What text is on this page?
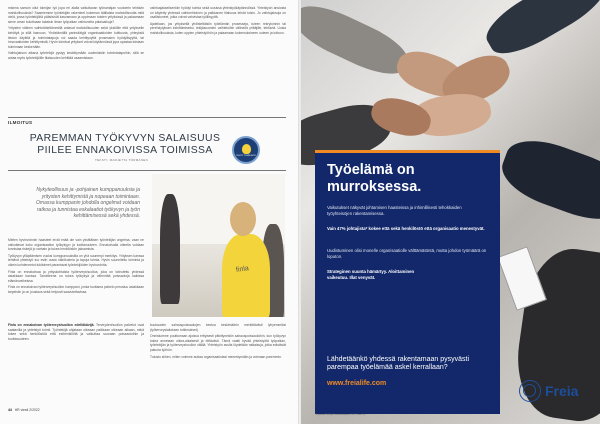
misena samoin ollut toimijan työ jopa eri alalla vaikuttavan työnantajan vuotoerin tehtävin mahdollisuuksia? Saamiemme työntekijän rakenteet kokeman täällaista mahdollisuutta mitä vielä, jossa työntekijöitä pääsisivät kasvamaan ja oppimaan toisten yrityksissä ja palaamaan sinne oman kuluttuaan takaisin ilman työpaikan vaihtuneita palaiuaikoja?

Yritysten välinen vaihtoläheltämmillä antavat mahdollisuuden sekä yksilölle että yritykselle kehittyä ja sillä kasvuun. Yhdistämällä parinräätyjä organisaatioiden kulttuuria, yhteyksiä tiedon käyttöä ja toimintatapoja voi saada kehittynyttä prosessien hyödyllisyyttä, tai innovaatioiden kehittymistä. Hyvin toimivat yritykset voivat käytännössä jopa opastaa toisiaan toimimaan keskenään.

Vaihtojakson aikana työntekijä pystyy keskittymään uudenlaisiin toimintatapoihin, sillä se antaa myös työntekijöille tilaisuuden kehittää osaamistaan.

vaihtoajakselisenkiin hyödyt toimia sekä uusissa yhteistyökäytännöissä. Yhteistyön ansiosta on käytetty yhdessä vaihtoehtoinen ja palkkanen tilaisuus tehdä toisin. Jo vaihtojaksoja on osallistuneet, jotka voivat vahvistaa työllisyyttä.

Ajatellaan, jos yrityksellä yhdistettäisiin työelämän prosesseja, tuleen rekrytoinnin tai perehdytyksen kehittämiseksi, tekijäsuomien vaihteluihin välineitä yrittäjille, tehtäviä. Uusia mahdollisuuksia, kuten oppien yhteistyöhön ja palaamaan kokemuksineen uuteen ja tuttuun.

ILMOITUS
PAREMMAN TYÖKYVYN SALAISUUS PIILEE ENNAKOIVISSA TOIMISSA
TEKSTI: MARJETTA TÖRMÄNEN
TEHTY TUNNUSTE
Nykyteollisuus ja -pohjainen kumppanuuksia ja yritysten kehittymistä ja nopeaan toimintaan. Omassa kumppanin johdolla ongelmat voidaan ratkoa ja tunnistaa eskalaatiot työkyvyn ja työn kehittämisessä sekä yhdessä.
finla

Mielen hyvinvoinnin haasteet eivät enää ole vain yksittäisen työntekijän ongelma, vaan ne vaikuttavat koko organisaation työkykyyn ja tuottavuuteen. Ennakoivalla otteella voidaan tunnistaa riskejä jo varhain ja tukea henkilöstön jaksamista.

Työkyvyn ylläpitämisen vuoksi kumppanuuksilla on yhä suurempi merkitys. Yrityksen kanssa tehtävä yhteistyö tuo esiin uusia näkökulmia ja tapoja toimia. Hyvin suunniteltu toiminta ja oikein kohdennetut tukitoimet parantavat työntekijöiden hyvinvointia.

Finla on ennakoivaa ja yrityskohtaista työterveyshuoltoa, joka on toteutettu yhdessä asiakkaan kanssa. Tavoitteena on tukea työkykyä ja vähentää poissaoloja kaikissa elämänvaiheissa.

Finla on ennakoivan työterveyshuollon kumppani, jonka tuottama palvelu perustuu asiakkaan tarpeisiin ja on joustava sekä helposti saavutettavissa.

Finla on ennakoivan työterveyshuollon edelläkävijä. Terveydenhuollon palvelut ovat saatavilla ja yhteistyö toimii. Työntekijä ohjataan oikeaan paikkaan oikeaan aikaan, mikä tukee sekä henkilöstöä että esihenkilöitä ja vaikuttaa suoraan poissaoloihin ja tuottavuuteen.

kuukauden sairauspoissaolojen kestoa keskimäärin merkittävästi lyhyemmiksi (työterveyslaitoksen tutkimukset).

Onnistumme puuttumaan ajoissa erityisesti pitkittyneisiin sairauspoissaoloihin, kun työkyvyn tukea annetaan oikea-aikaisesti ja riittävästi. Tämä vaatii hyvää yhteistyötä työpaikan, työntekijän ja työterveyshuollon välillä. Yhteistyön avulla löydetään ratkaisuja, jotka edistävät paluuta työhön.

Tutustu siihen, miten voimme auttaa organisaatiotasi menestymään ja voimaan paremmin.

44 HR viesti 2/2022
Työelämä on murroksessa.
Vaikutukset näkyvät johtamisen haasteissa ja inhimillisesti tehokkaiden työyhteisöjen rakentamisessa.
Vain 47% johtajista* kokee että sekä henkilöstö että organisaatio menestyvät.
Uudistuminen olisi monelle organisaatiolle välttämätöntä, mutta johdon työmäärä on loputon.
Strateginen suunta hämärtyy. Aloittaminen vaikeutuu. Illat venyvät.
Lähdetäänkö yhdessä rakentamaan pysyvästi parempaa työelämää askel kerrallaan?
www.freialife.com
*Eurpoean DREAM -tutkimusraportti 2022, Freia Oy
Freia
